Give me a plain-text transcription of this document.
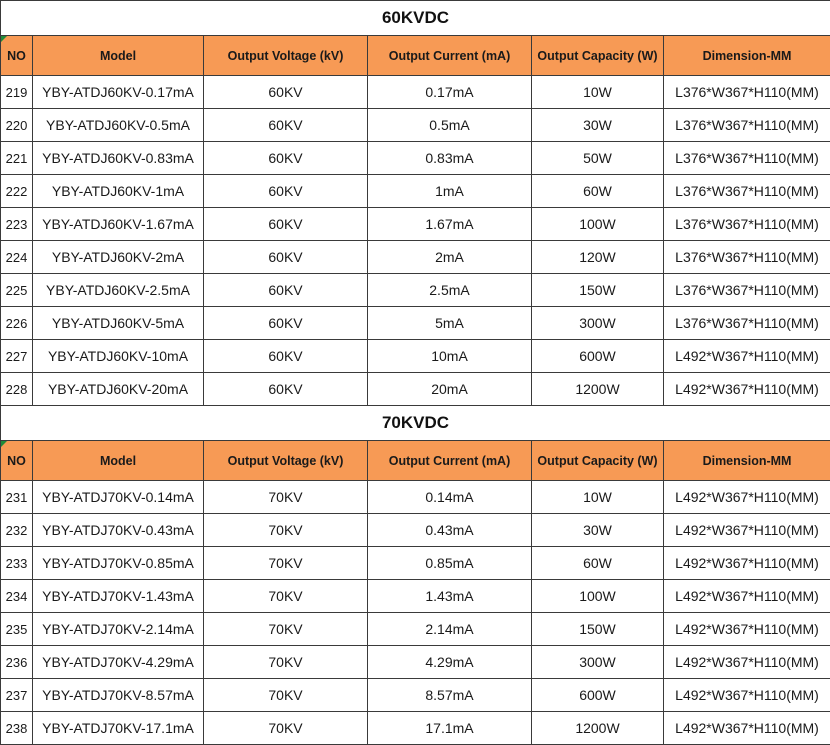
60KVDC					
NO	Model	Output Voltage (kV)	Output Current (mA)	Output Capacity (W)	Dimension-MM
219	YBY-ATDJ60KV-0.17mA	60KV	0.17mA	10W	L376*W367*H110(MM)
220	YBY-ATDJ60KV-0.5mA	60KV	0.5mA	30W	L376*W367*H110(MM)
221	YBY-ATDJ60KV-0.83mA	60KV	0.83mA	50W	L376*W367*H110(MM)
222	YBY-ATDJ60KV-1mA	60KV	1mA	60W	L376*W367*H110(MM)
223	YBY-ATDJ60KV-1.67mA	60KV	1.67mA	100W	L376*W367*H110(MM)
224	YBY-ATDJ60KV-2mA	60KV	2mA	120W	L376*W367*H110(MM)
225	YBY-ATDJ60KV-2.5mA	60KV	2.5mA	150W	L376*W367*H110(MM)
226	YBY-ATDJ60KV-5mA	60KV	5mA	300W	L376*W367*H110(MM)
227	YBY-ATDJ60KV-10mA	60KV	10mA	600W	L492*W367*H110(MM)
228	YBY-ATDJ60KV-20mA	60KV	20mA	1200W	L492*W367*H110(MM)
70KVDC					
NO	Model	Output Voltage (kV)	Output Current (mA)	Output Capacity (W)	Dimension-MM
231	YBY-ATDJ70KV-0.14mA	70KV	0.14mA	10W	L492*W367*H110(MM)
232	YBY-ATDJ70KV-0.43mA	70KV	0.43mA	30W	L492*W367*H110(MM)
233	YBY-ATDJ70KV-0.85mA	70KV	0.85mA	60W	L492*W367*H110(MM)
234	YBY-ATDJ70KV-1.43mA	70KV	1.43mA	100W	L492*W367*H110(MM)
235	YBY-ATDJ70KV-2.14mA	70KV	2.14mA	150W	L492*W367*H110(MM)
236	YBY-ATDJ70KV-4.29mA	70KV	4.29mA	300W	L492*W367*H110(MM)
237	YBY-ATDJ70KV-8.57mA	70KV	8.57mA	600W	L492*W367*H110(MM)
238	YBY-ATDJ70KV-17.1mA	70KV	17.1mA	1200W	L492*W367*H110(MM)
